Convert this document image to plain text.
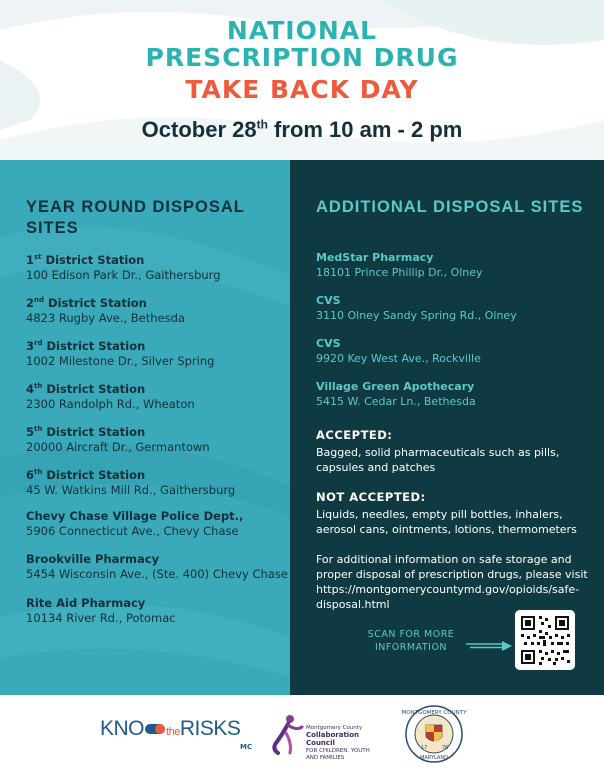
NATIONAL
PRESCRIPTION DRUG
TAKE BACK DAY
October 28th from 10 am - 2 pm
YEAR ROUND DISPOSAL SITES
1st District Station
100 Edison Park Dr., Gaithersburg
2nd District Station
4823 Rugby Ave., Bethesda
3rd District Station
1002 Milestone Dr., Silver Spring
4th District Station
2300 Randolph Rd., Wheaton
5th District Station
20000 Aircraft Dr., Germantown
6th District Station
45 W. Watkins Mill Rd., Gaithersburg
Chevy Chase Village Police Dept.,
5906 Connecticut Ave., Chevy Chase
Brookville Pharmacy
5454 Wisconsin Ave., (Ste. 400) Chevy Chase
Rite Aid Pharmacy
10134 River Rd., Potomac
ADDITIONAL DISPOSAL SITES
MedStar Pharmacy
18101 Prince Phillip Dr., Olney
CVS
3110 Olney Sandy Spring Rd., Olney
CVS
9920 Key West Ave., Rockville
Village Green Apothecary
5415 W. Cedar Ln., Bethesda
ACCEPTED:
Bagged, solid pharmaceuticals such as pills, capsules and patches
NOT ACCEPTED:
Liquids, needles, empty pill bottles, inhalers, aerosol cans, ointments, lotions, thermometers
For additional information on safe storage and proper disposal of prescription drugs, please visit https://montgomerycountymd.gov/opioids/safe-disposal.html
SCAN FOR MORE INFORMATION
KNO theRISKS
MC
Montgomery County
Collaboration Council
FOR CHILDREN, YOUTH AND FAMILIES
MONTGOMERY COUNTY
MARYLAND
17	76
